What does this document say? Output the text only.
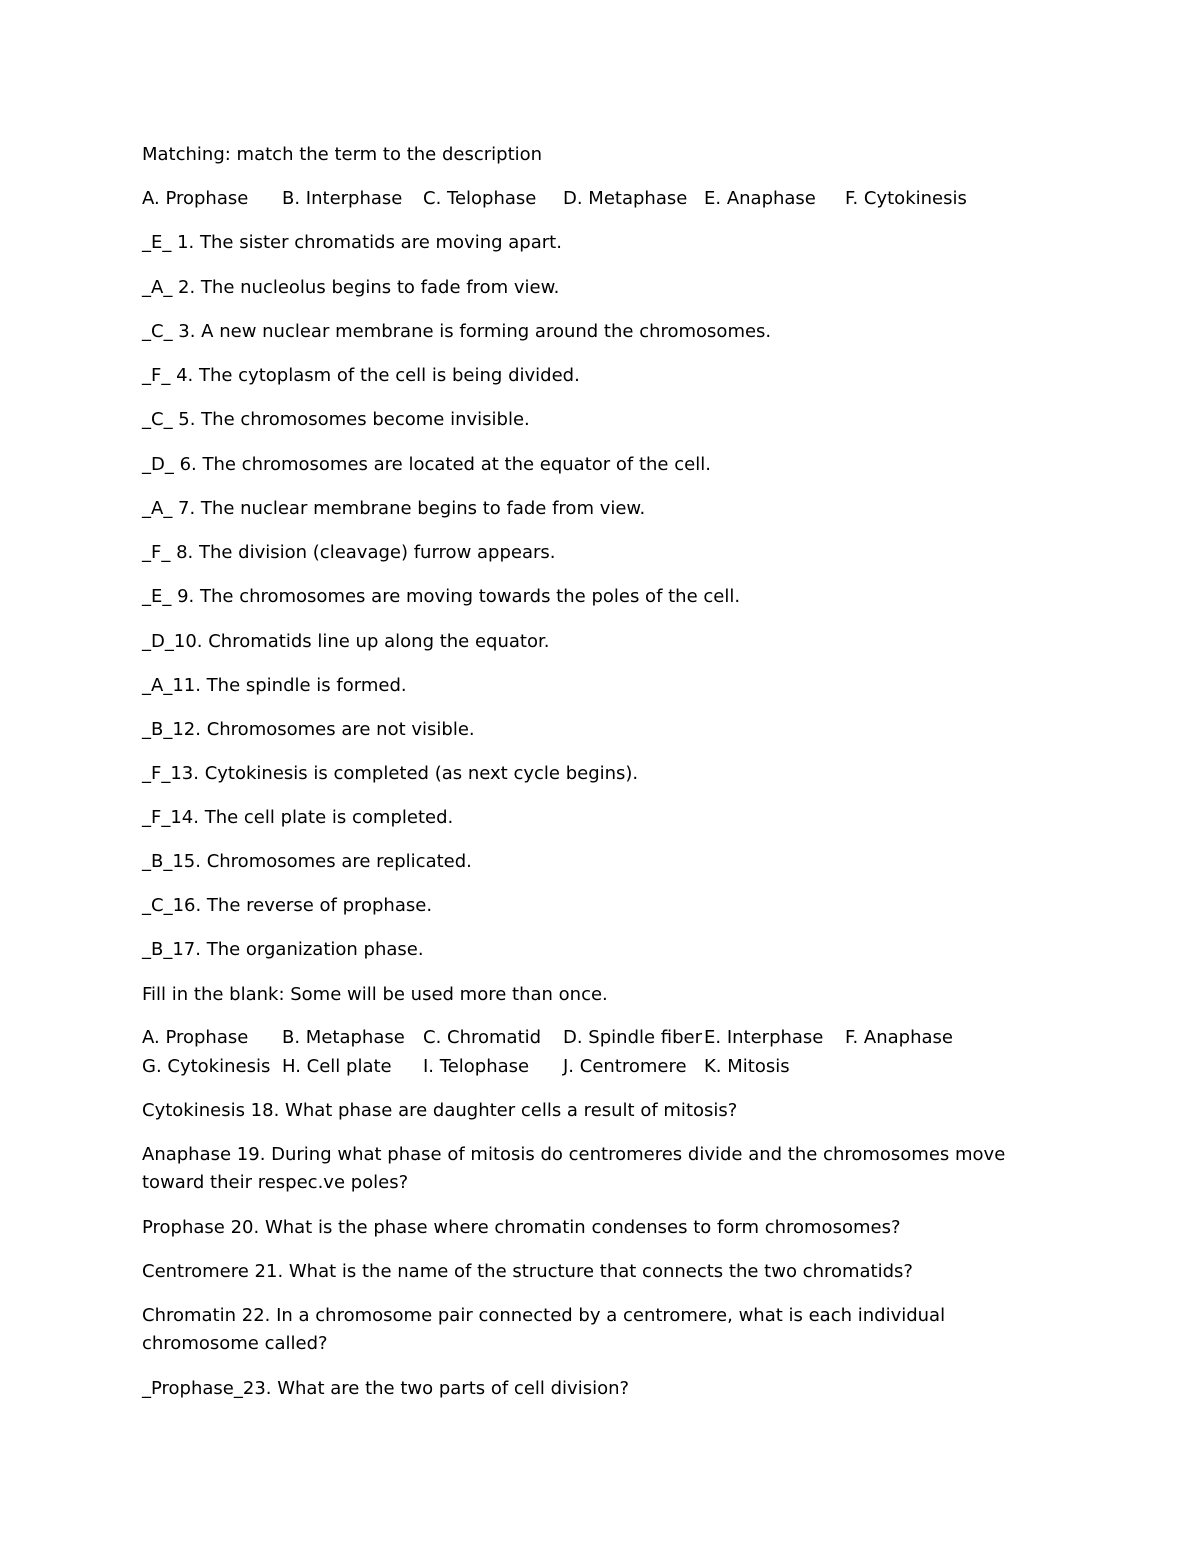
Matching: match the term to the description
A. Prophase B. Interphase C. Telophase D. Metaphase E. Anaphase F. Cytokinesis
_E_ 1. The sister chromatids are moving apart.
_A_ 2. The nucleolus begins to fade from view.
_C_ 3. A new nuclear membrane is forming around the chromosomes.
_F_ 4. The cytoplasm of the cell is being divided.
_C_ 5. The chromosomes become invisible.
_D_ 6. The chromosomes are located at the equator of the cell.
_A_ 7. The nuclear membrane begins to fade from view.
_F_ 8. The division (cleavage) furrow appears.
_E_ 9. The chromosomes are moving towards the poles of the cell.
_D_10. Chromatids line up along the equator.
_A_11. The spindle is formed.
_B_12. Chromosomes are not visible.
_F_13. Cytokinesis is completed (as next cycle begins).
_F_14. The cell plate is completed.
_B_15. Chromosomes are replicated.
_C_16. The reverse of prophase.
_B_17. The organization phase.
Fill in the blank: Some will be used more than once.
A. Prophase B. Metaphase C. Chromatid D. Spindle fiber E. Interphase F. Anaphase
G. Cytokinesis H. Cell plate I. Telophase J. Centromere K. Mitosis
Cytokinesis 18. What phase are daughter cells a result of mitosis?
Anaphase 19. During what phase of mitosis do centromeres divide and the chromosomes move toward their respec.ve poles?
Prophase 20. What is the phase where chromatin condenses to form chromosomes?
Centromere 21. What is the name of the structure that connects the two chromatids?
Chromatin 22. In a chromosome pair connected by a centromere, what is each individual chromosome called?
_Prophase_23. What are the two parts of cell division?
